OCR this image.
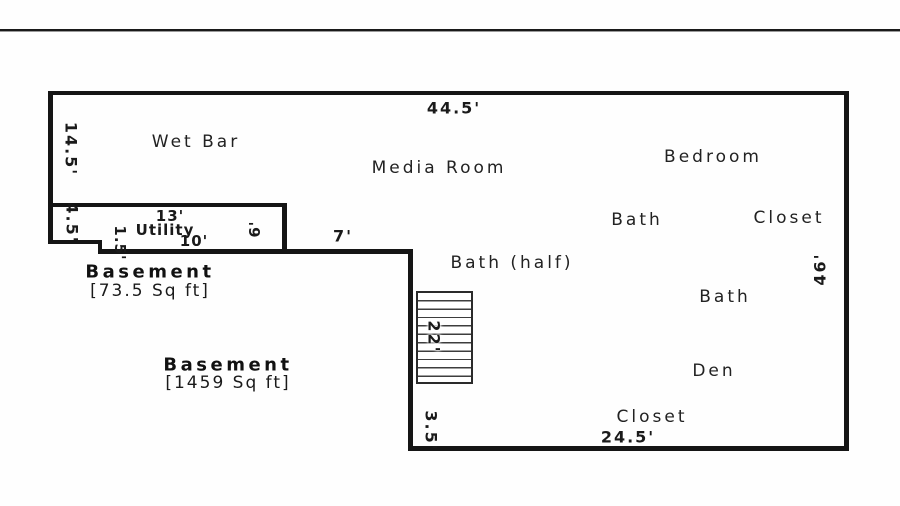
Wet Bar
Media Room
Bedroom
Bath	Closet
Utility
Bath (half)
Bath
Den
Closet
44.5'
14.5'
4.5'	13'
10'
1.5'	6'	7'
46'
22'
3.5'	24.5'
Basement
[73.5 Sq ft]
Basement
[1459 Sq ft]
